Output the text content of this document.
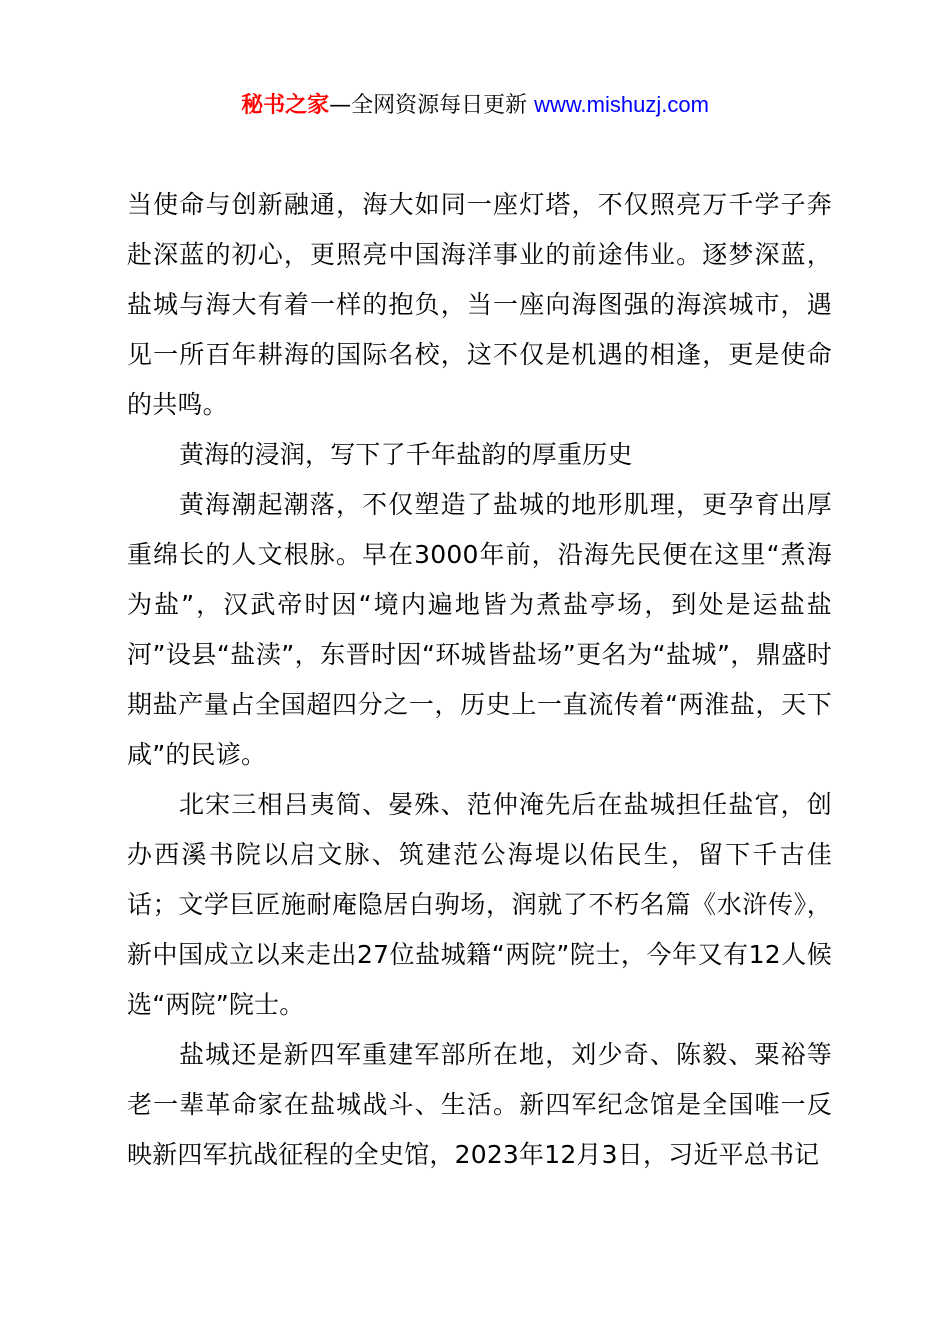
秘书之家—全网资源每日更新 www.mishuzj.com

当使命与创新融通，海大如同一座灯塔，不仅照亮万千学子奔赴深蓝的初心，更照亮中国海洋事业的前途伟业。逐梦深蓝，盐城与海大有着一样的抱负，当一座向海图强的海滨城市，遇见一所百年耕海的国际名校，这不仅是机遇的相逢，更是使命的共鸣。

黄海的浸润，写下了千年盐韵的厚重历史

黄海潮起潮落，不仅塑造了盐城的地形肌理，更孕育出厚重绵长的人文根脉。早在3000年前，沿海先民便在这里“煮海为盐”，汉武帝时因“境内遍地皆为煮盐亭场，到处是运盐盐河”设县“盐渎”，东晋时因“环城皆盐场”更名为“盐城”，鼎盛时期盐产量占全国超四分之一，历史上一直流传着“两淮盐，天下咸”的民谚。

北宋三相吕夷简、晏殊、范仲淹先后在盐城担任盐官，创办西溪书院以启文脉、筑建范公海堤以佑民生，留下千古佳话；文学巨匠施耐庵隐居白驹场，润就了不朽名篇《水浒传》，新中国成立以来走出27位盐城籍“两院”院士，今年又有12人候选“两院”院士。

盐城还是新四军重建军部所在地，刘少奇、陈毅、粟裕等老一辈革命家在盐城战斗、生活。新四军纪念馆是全国唯一反映新四军抗战征程的全史馆，2023年12月3日，习近平总书记
